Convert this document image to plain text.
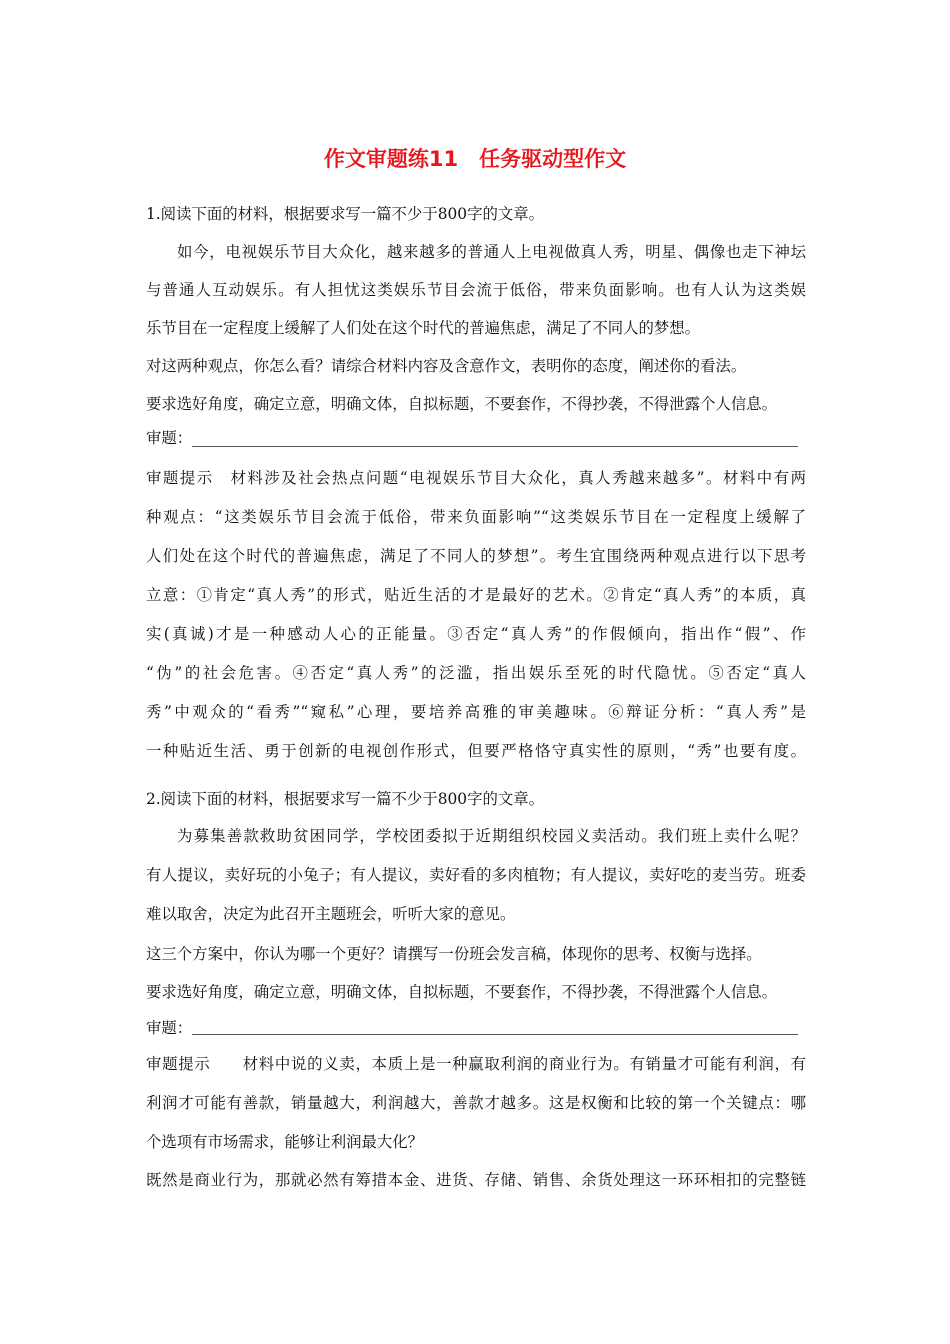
作文审题练11　任务驱动型作文
1.阅读下面的材料，根据要求写一篇不少于800字的文章。
如今，电视娱乐节目大众化，越来越多的普通人上电视做真人秀，明星、偶像也走下神坛
与普通人互动娱乐。有人担忧这类娱乐节目会流于低俗，带来负面影响。也有人认为这类娱
乐节目在一定程度上缓解了人们处在这个时代的普遍焦虑，满足了不同人的梦想。
对这两种观点，你怎么看？请综合材料内容及含意作文，表明你的态度，阐述你的看法。
要求选好角度，确定立意，明确文体，自拟标题，不要套作，不得抄袭，不得泄露个人信息。
审题：
审题提示　材料涉及社会热点问题“电视娱乐节目大众化，真人秀越来越多”。材料中有两
种观点：“这类娱乐节目会流于低俗，带来负面影响”“这类娱乐节目在一定程度上缓解了
人们处在这个时代的普遍焦虑，满足了不同人的梦想”。考生宜围绕两种观点进行以下思考
立意：①肯定“真人秀”的形式，贴近生活的才是最好的艺术。②肯定“真人秀”的本质，真
实(真诚)才是一种感动人心的正能量。③否定“真人秀”的作假倾向，指出作“假”、作
“伪”的社会危害。④否定“真人秀”的泛滥，指出娱乐至死的时代隐忧。⑤否定“真人
秀”中观众的“看秀”“窥私”心理，要培养高雅的审美趣味。⑥辩证分析：“真人秀”是
一种贴近生活、勇于创新的电视创作形式，但要严格恪守真实性的原则，“秀”也要有度。
2.阅读下面的材料，根据要求写一篇不少于800字的文章。
为募集善款救助贫困同学，学校团委拟于近期组织校园义卖活动。我们班上卖什么呢？
有人提议，卖好玩的小兔子；有人提议，卖好看的多肉植物；有人提议，卖好吃的麦当劳。班委
难以取舍，决定为此召开主题班会，听听大家的意见。
这三个方案中，你认为哪一个更好？请撰写一份班会发言稿，体现你的思考、权衡与选择。
要求选好角度，确定立意，明确文体，自拟标题，不要套作，不得抄袭，不得泄露个人信息。
审题：
审题提示　　材料中说的义卖，本质上是一种赢取利润的商业行为。有销量才可能有利润，有
利润才可能有善款，销量越大，利润越大，善款才越多。这是权衡和比较的第一个关键点：哪
个选项有市场需求，能够让利润最大化？
既然是商业行为，那就必然有筹措本金、进货、存储、销售、余货处理这一环环相扣的完整链
